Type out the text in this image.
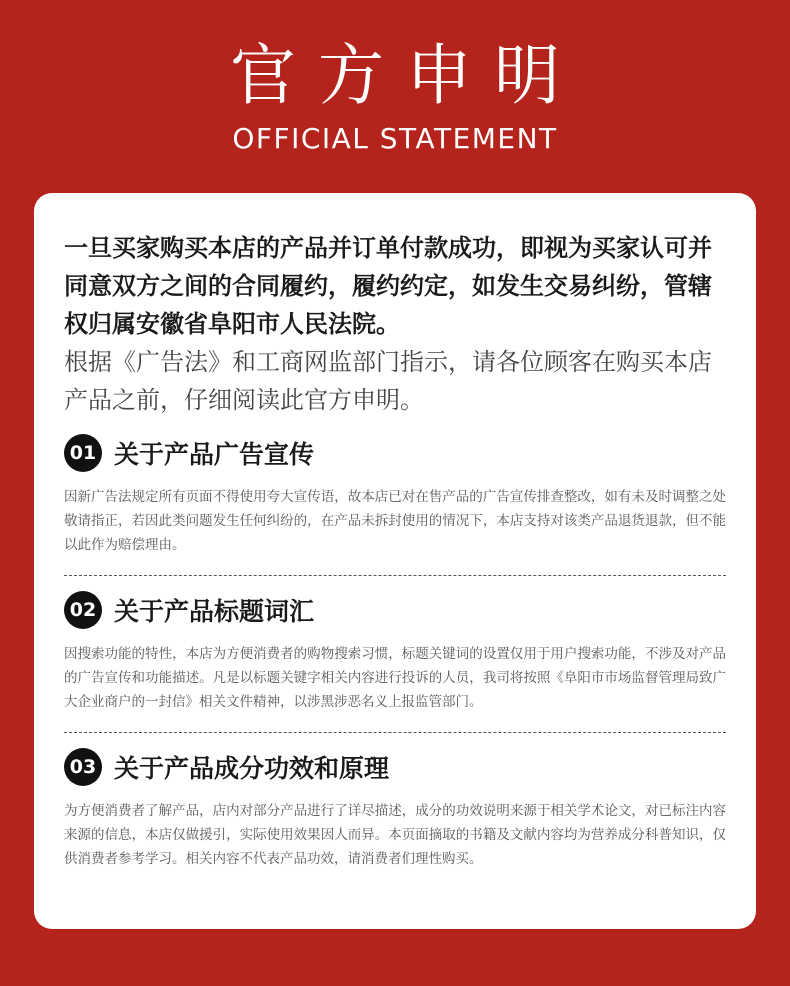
官方申明
OFFICIAL STATEMENT

一旦买家购买本店的产品并订单付款成功，即视为买家认可并同意双方之间的合同履约，履约约定，如发生交易纠纷，管辖权归属安徽省阜阳市人民法院。

根据《广告法》和工商网监部门指示，请各位顾客在购买本店产品之前，仔细阅读此官方申明。

01 关于产品广告宣传

因新广告法规定所有页面不得使用夸大宣传语，故本店已对在售产品的广告宣传排查整改，如有未及时调整之处敬请指正，若因此类问题发生任何纠纷的，在产品未拆封使用的情况下，本店支持对该类产品退货退款，但不能以此作为赔偿理由。

02 关于产品标题词汇

因搜索功能的特性，本店为方便消费者的购物搜索习惯，标题关键词的设置仅用于用户搜索功能，不涉及对产品的广告宣传和功能描述。凡是以标题关键字相关内容进行投诉的人员，我司将按照《阜阳市市场监督管理局致广大企业商户的一封信》相关文件精神，以涉黑涉恶名义上报监管部门。

03 关于产品成分功效和原理

为方便消费者了解产品，店内对部分产品进行了详尽描述，成分的功效说明来源于相关学术论文，对已标注内容来源的信息，本店仅做援引，实际使用效果因人而异。本页面摘取的书籍及文献内容均为营养成分科普知识，仅供消费者参考学习。相关内容不代表产品功效，请消费者们理性购买。
